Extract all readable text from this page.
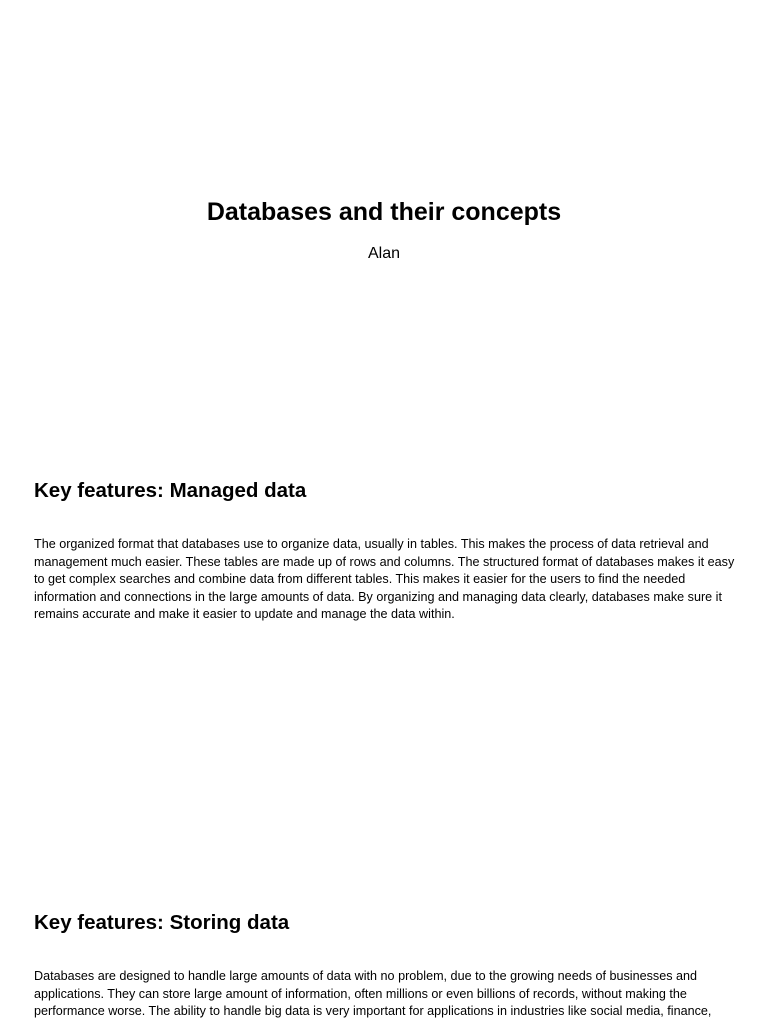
Databases and their concepts
Alan
Key features: Managed data
The organized format that databases use to organize data, usually in tables. This makes the process of data retrieval and management much easier. These tables are made up of rows and columns. The structured format of databases makes it easy to get complex searches and combine data from different tables. This makes it easier for the users to find the needed information and connections in the large amounts of data. By organizing and managing data clearly, databases make sure it remains accurate and make it easier to update and manage the data within.
Key features: Storing data
Databases are designed to handle large amounts of data with no problem, due to the growing needs of businesses and applications. They can store large amount of information, often millions or even billions of records, without making the performance worse. The ability to handle big data is very important for applications in industries like social media, finance,
